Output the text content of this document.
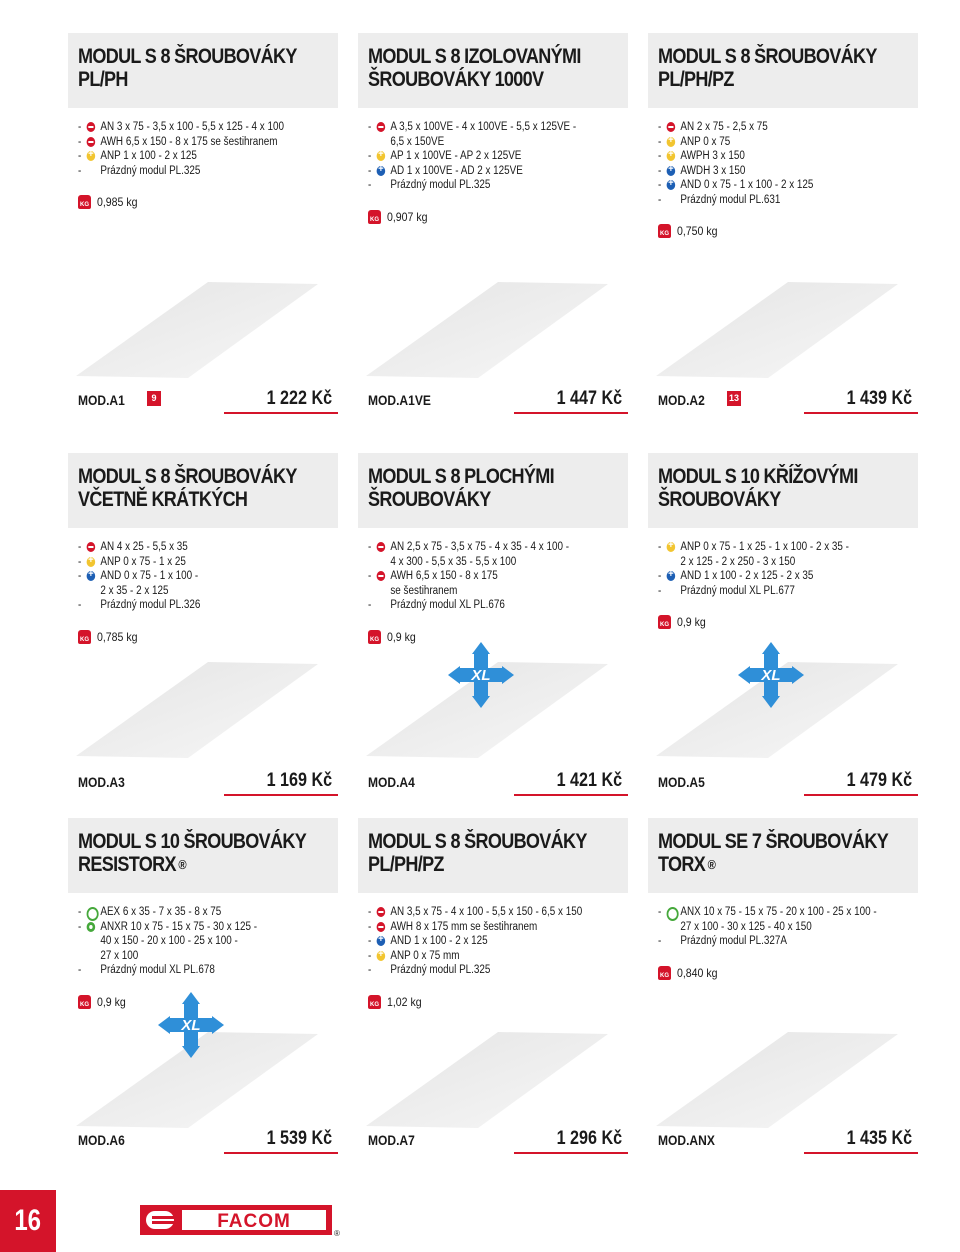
MODUL S 8 ŠROUBOVÁKY
PL/PH
- AN 3 x 75 - 3,5 x 100 - 5,5 x 125 - 4 x 100
- AWH 6,5 x 150 - 8 x 175 se šestihranem
- + ANP 1 x 100 - 2 x 125
- Prázdný modul PL.325
KG 0,985 kg
MOD.A1	9	1 222 Kč
MODUL S 8 IZOLOVANÝMI
ŠROUBOVÁKY 1000V
- A 3,5 x 100VE - 4 x 100VE - 5,5 x 125VE -
6,5 x 150VE
- + AP 1 x 100VE - AP 2 x 125VE
- + AD 1 x 100VE - AD 2 x 125VE
- Prázdný modul PL.325
KG 0,907 kg
MOD.A1VE	1 447 Kč
MODUL S 8 ŠROUBOVÁKY
PL/PH/PZ
- AN 2 x 75 - 2,5 x 75
- + ANP 0 x 75
- + AWPH 3 x 150
- + AWDH 3 x 150
- + AND 0 x 75 - 1 x 100 - 2 x 125
- Prázdný modul PL.631
KG 0,750 kg
MOD.A2	13	1 439 Kč
MODUL S 8 ŠROUBOVÁKY
VČETNĚ KRÁTKÝCH
- AN 4 x 25 - 5,5 x 35
- + ANP 0 x 75 - 1 x 25
- + AND 0 x 75 - 1 x 100 -
2 x 35 - 2 x 125
- Prázdný modul PL.326
KG 0,785 kg
MOD.A3	1 169 Kč
MODUL S 8 PLOCHÝMI
ŠROUBOVÁKY
- AN 2,5 x 75 - 3,5 x 75 - 4 x 35 - 4 x 100 -
4 x 300 - 5,5 x 35 - 5,5 x 100
- AWH 6,5 x 150 - 8 x 175
se šestihranem
- Prázdný modul XL PL.676
KG 0,9 kg
XL
MOD.A4	1 421 Kč
MODUL S 10 KŘÍŽOVÝMI
ŠROUBOVÁKY
- + ANP 0 x 75 - 1 x 25 - 1 x 100 - 2 x 35 -
2 x 125 - 2 x 250 - 3 x 150
- + AND 1 x 100 - 2 x 125 - 2 x 35
- Prázdný modul XL PL.677
KG 0,9 kg
XL
MOD.A5	1 479 Kč
MODUL S 10 ŠROUBOVÁKY
RESISTORX ®
- AEX 6 x 35 - 7 x 35 - 8 x 75
- ANXR 10 x 75 - 15 x 75 - 30 x 125 -
40 x 150 - 20 x 100 - 25 x 100 -
27 x 100
- Prázdný modul XL PL.678
KG 0,9 kg
XL
MOD.A6	1 539 Kč
MODUL S 8 ŠROUBOVÁKY
PL/PH/PZ
- AN 3,5 x 75 - 4 x 100 - 5,5 x 150 - 6,5 x 150
- AWH 8 x 175 mm se šestihranem
- + AND 1 x 100 - 2 x 125
- + ANP 0 x 75 mm
- Prázdný modul PL.325
KG 1,02 kg
MOD.A7	1 296 Kč
MODUL SE 7 ŠROUBOVÁKY
TORX ®
- ANX 10 x 75 - 15 x 75 - 20 x 100 - 25 x 100 -
27 x 100 - 30 x 125 - 40 x 150
- Prázdný modul PL.327A
KG 0,840 kg
MOD.ANX	1 435 Kč
16	FACOM
®
